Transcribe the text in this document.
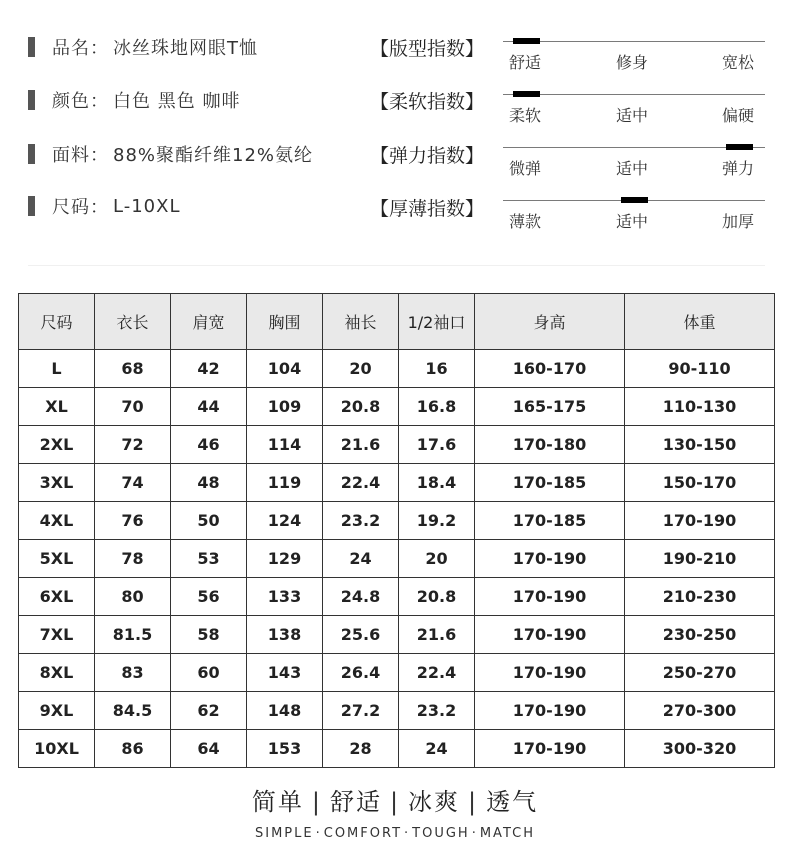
品名： 冰丝珠地网眼T恤
颜色： 白色 黑色 咖啡
面料： 88%聚酯纤维12%氨纶
尺码： L-10XL
【版型指数】
【柔软指数】
【弹力指数】
【厚薄指数】
舒适	修身	宽松
柔软	适中	偏硬
微弹	适中	弹力
薄款	适中	加厚
尺码	衣长	肩宽	胸围	袖长	1/2袖口	身高	体重
L	68	42	104	20	16	160-170	90-110
XL	70	44	109	20.8	16.8	165-175	110-130
2XL	72	46	114	21.6	17.6	170-180	130-150
3XL	74	48	119	22.4	18.4	170-185	150-170
4XL	76	50	124	23.2	19.2	170-185	170-190
5XL	78	53	129	24	20	170-190	190-210
6XL	80	56	133	24.8	20.8	170-190	210-230
7XL	81.5	58	138	25.6	21.6	170-190	230-250
8XL	83	60	143	26.4	22.4	170-190	250-270
9XL	84.5	62	148	27.2	23.2	170-190	270-300
10XL	86	64	153	28	24	170-190	300-320
简单 | 舒适 | 冰爽 | 透气
SIMPLE · COMFORT · TOUGH · MATCH
